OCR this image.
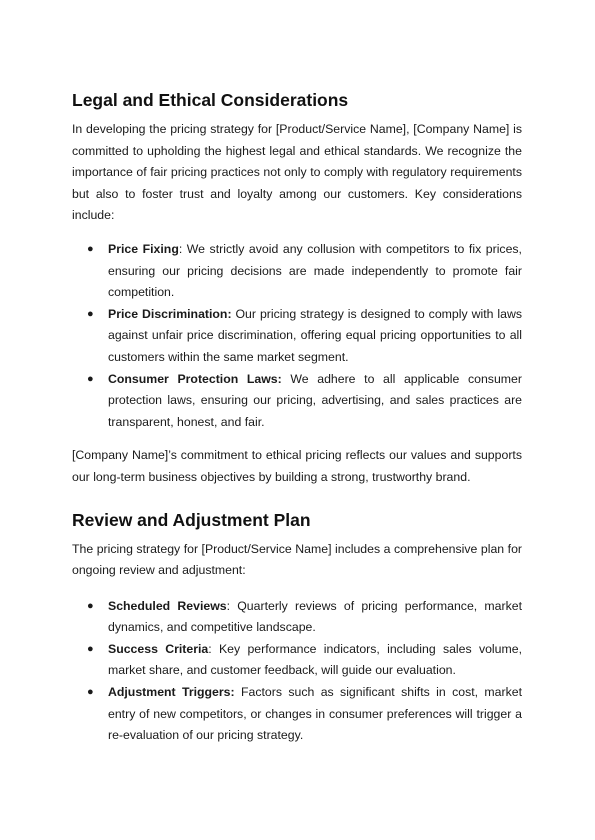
Legal and Ethical Considerations

In developing the pricing strategy for [Product/Service Name], [Company Name] is committed to upholding the highest legal and ethical standards. We recognize the importance of fair pricing practices not only to comply with regulatory requirements but also to foster trust and loyalty among our customers. Key considerations include:

● Price Fixing: We strictly avoid any collusion with competitors to fix prices, ensuring our pricing decisions are made independently to promote fair competition.
● Price Discrimination: Our pricing strategy is designed to comply with laws against unfair price discrimination, offering equal pricing opportunities to all customers within the same market segment.
● Consumer Protection Laws: We adhere to all applicable consumer protection laws, ensuring our pricing, advertising, and sales practices are transparent, honest, and fair.

[Company Name]’s commitment to ethical pricing reflects our values and supports our long-term business objectives by building a strong, trustworthy brand.

Review and Adjustment Plan

The pricing strategy for [Product/Service Name] includes a comprehensive plan for ongoing review and adjustment:

● Scheduled Reviews: Quarterly reviews of pricing performance, market dynamics, and competitive landscape.
● Success Criteria: Key performance indicators, including sales volume, market share, and customer feedback, will guide our evaluation.
● Adjustment Triggers: Factors such as significant shifts in cost, market entry of new competitors, or changes in consumer preferences will trigger a re-evaluation of our pricing strategy.
